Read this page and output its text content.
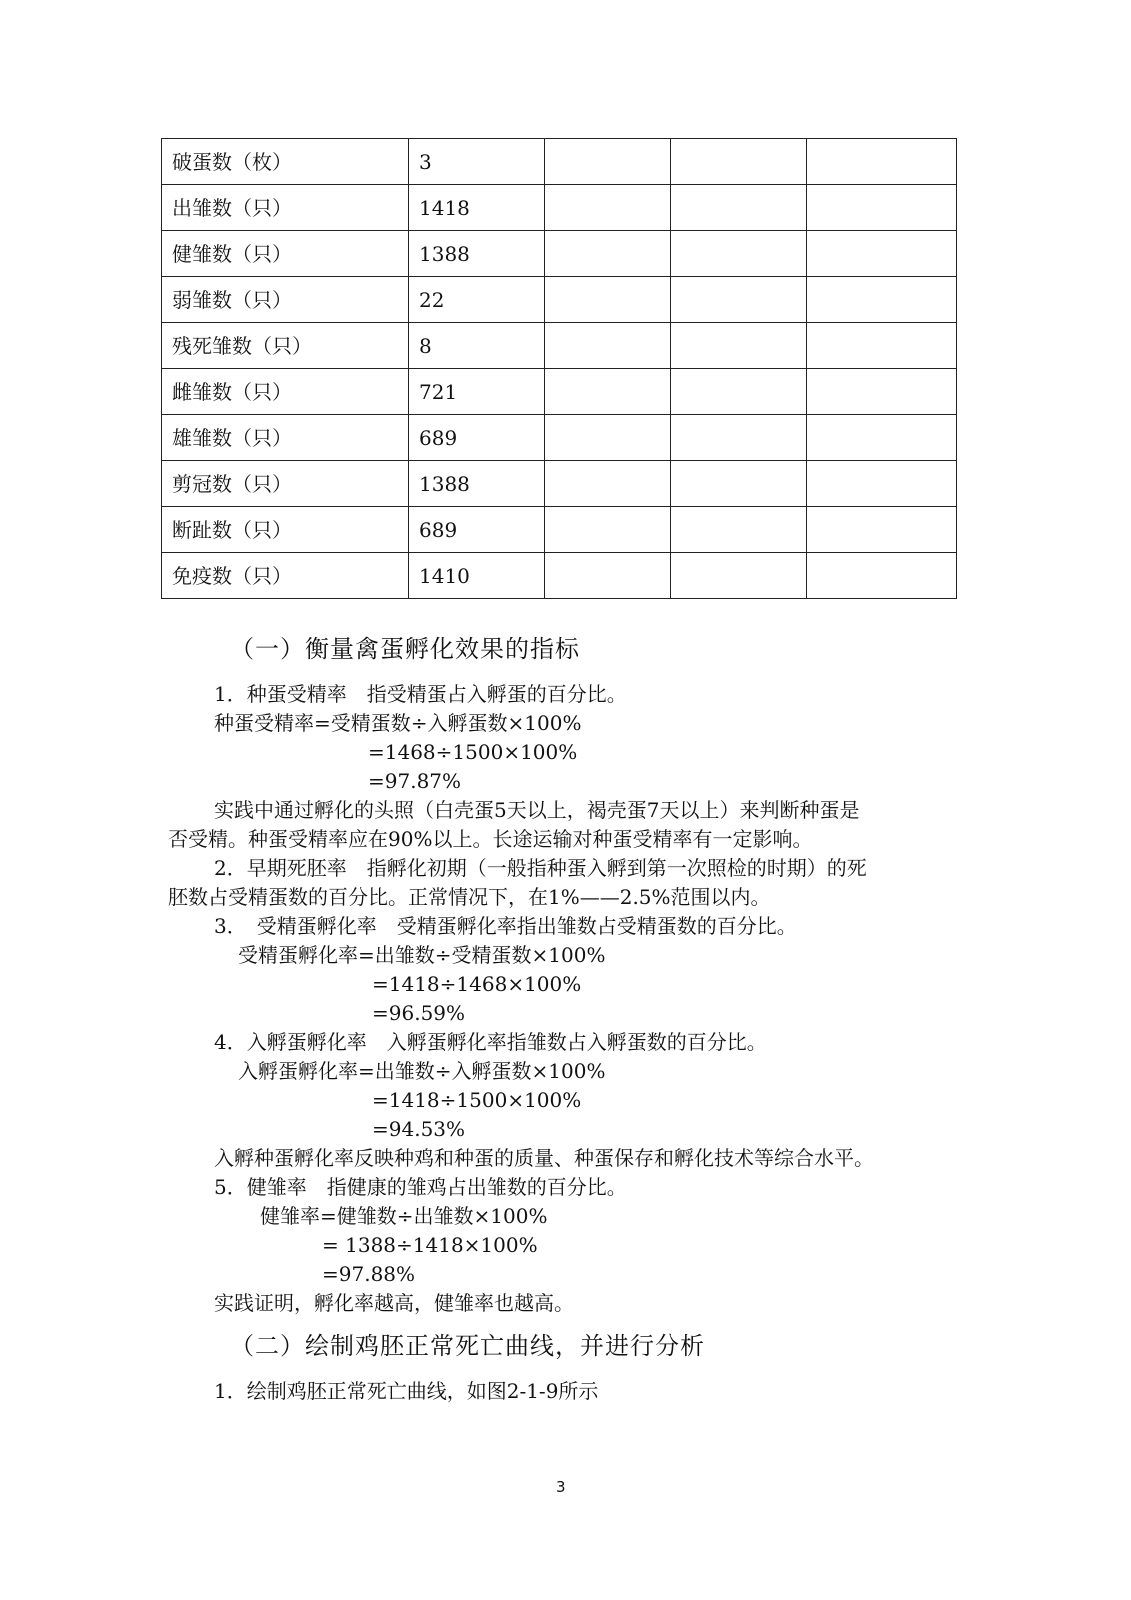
破蛋数（枚）	3			
出雏数（只）	1418			
健雏数（只）	1388			
弱雏数（只）	22			
残死雏数（只）	8			
雌雏数（只）	721			
雄雏数（只）	689			
剪冠数（只）	1388			
断趾数（只）	689			
免疫数（只）	1410			
（一）衡量禽蛋孵化效果的指标
1．种蛋受精率　指受精蛋占入孵蛋的百分比。
种蛋受精率=受精蛋数÷入孵蛋数×100%
=1468÷1500×100%
=97.87%
实践中通过孵化的头照（白壳蛋5天以上，褐壳蛋7天以上）来判断种蛋是
否受精。种蛋受精率应在90%以上。长途运输对种蛋受精率有一定影响。
2．早期死胚率　指孵化初期（一般指种蛋入孵到第一次照检的时期）的死
胚数占受精蛋数的百分比。正常情况下，在1%——2.5%范围以内。
3．　受精蛋孵化率　受精蛋孵化率指出雏数占受精蛋数的百分比。
受精蛋孵化率=出雏数÷受精蛋数×100%
=1418÷1468×100%
=96.59%
4．入孵蛋孵化率　入孵蛋孵化率指雏数占入孵蛋数的百分比。
入孵蛋孵化率=出雏数÷入孵蛋数×100%
=1418÷1500×100%
=94.53%
入孵种蛋孵化率反映种鸡和种蛋的质量、种蛋保存和孵化技术等综合水平。
5．健雏率　指健康的雏鸡占出雏数的百分比。
健雏率=健雏数÷出雏数×100%
= 1388÷1418×100%
=97.88%
实践证明，孵化率越高，健雏率也越高。
（二）绘制鸡胚正常死亡曲线，并进行分析
1．绘制鸡胚正常死亡曲线，如图2-1-9所示
3
